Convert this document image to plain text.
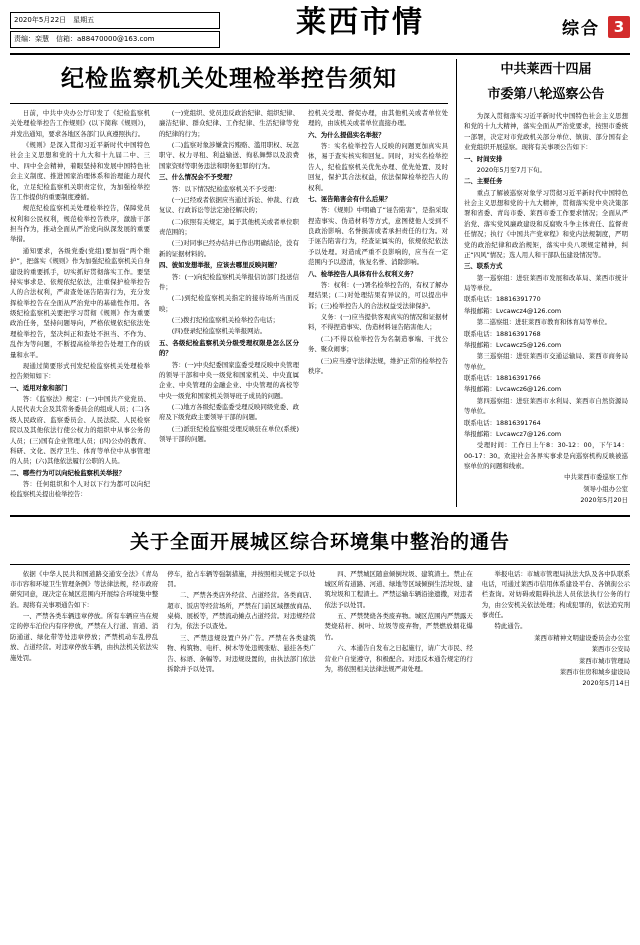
2020年5月22日　星期五
责编：栾慧　信箱：a88470000@163.com	莱西市情	综合 3
纪检监察机关处理检举控告须知

日前，中共中央办公厅印发了《纪检监察机关处理检举控告工作规则》(以下简称《规则》)，并发出通知，要求各地区各部门认真遵照执行。

《规则》是深入贯彻习近平新时代中国特色社会主义思想和党的十九大和十九届二中、三中、四中全会精神，着眼坚持和发展中国特色社会主义制度、推进国家治理体系和治理能力现代化，立足纪检监察机关职责定位，为加强检举控告工作提供的重要制度遵循。

规范纪检监察机关处理检举控告，保障党员权利和公民权利，规范检举控告秩序，激励干部担当作为，推动全面从严治党向纵深发展的重要举措。

通知要求，各级党委(党组)要加强“两个维护”，把落实《规则》作为加强纪检监察机关自身建设的重要抓手，切实抓好贯彻落实工作。要坚持实事求是、依规依纪依法，注重保护检举控告人的合法权利，严肃查处诬告陷害行为，充分发挥检举控告在全面从严治党中的基础性作用。各级纪检监察机关要把学习贯彻《规则》作为重要政治任务，坚持问题导向，严格依规依纪依法处理检举控告，坚决纠正和查处不担当、不作为、乱作为等问题，不断提高检举控告处理工作的质量和水平。

现通过简要形式刊发纪检监察机关处理检举控告须知如下：

一、适用对象和部门

答：《监察法》规定：(一)中国共产党党员、人民代表大会及其常务委员会的组成人员；(二)各级人民政府、监察委员会、人民法院、人民检察院以及其他依法行使公权力的组织中从事公务的人员；(三)国有企业管理人员；(四)公办的教育、科研、文化、医疗卫生、体育等单位中从事管理的人员；(六)其他依法履行公职的人员。

二、哪些行为可以向纪检监察机关举报？

答：任何组织和个人对以下行为都可以向纪检监察机关提出检举控告：

(一)党组织、党员违反政治纪律、组织纪律、廉洁纪律、群众纪律、工作纪律、生活纪律等党的纪律的行为；

(二)监察对象涉嫌贪污贿赂、滥用职权、玩忽职守、权力寻租、利益输送、徇私舞弊以及浪费国家资财等职务违法和职务犯罪的行为。

三、什么情况会不予受理？

答：以下情况纪检监察机关不予受理：

(一)已经或者依据应当通过诉讼、仲裁、行政复议、行政诉讼等法定途径解决的；

(二)依照有关规定，属于其他机关或者单位职责范围的；

(三)对同事已经办结并已作出明确结论，没有新的证据材料的。

四、彼如发想举报，应该去哪里反映问题？

答：(一)向纪检监察机关举报信访部门投送信件；

(二)到纪检监察机关指定的接待场所当面反映；

(三)拨打纪检监察机关检举控告电话；

(四)登录纪检监察机关举报网站。

五、各级纪检监察机关分级受理权限是怎么区分的？

答：(一)中央纪委国家监委受理反映中央管理的领导干部和中央一级党和国家机关、中央直属企业、中央管理的金融企业、中央管理的高校等中央一级党和国家机关领导班子成员的问题。

(二)地方各级纪委监委受理反映同级党委、政府及下级党政主要领导干部的问题。

(三)派驻纪检监察组受理反映驻在单位(系统)领导干部的问题。

控机关受理、督促办理，由其他机关或者单位处理的，由该机关或者单位直接办理。

六、为什么提倡实名举报？

答：实名检举控告人反映的问题更加真实具体，易于查实核实和回复。同时，对实名检举控告人，纪检监察机关优先办理、优先处置、及时回复，保护其合法权益，依法保障检举控告人的权利。

七、诬告陷害会有什么后果？

答：《规则》中明确了“诬告陷害”，是指采取捏造事实、伪造材料等方式，意图使他人受到不良政治影响、名誉损害或者承担责任的行为。对于诬告陷害行为，经查证属实的，依规依纪依法予以处理。对造成严重不良影响的，应当在一定范围内予以澄清，恢复名誉、消除影响。

八、检举控告人具体有什么权利义务？

答：权利：(一)署名检举控告的，有权了解办理结果；(二)对处理结果有异议的，可以提出申诉；(三)检举控告人的合法权益受法律保护。

义务：(一)应当提供客观真实的情况和证据材料，不得捏造事实、伪造材料诬告陷害他人；

(二)不得以检举控告为名制造事端、干扰公务、聚众闹事；

(三)应当遵守法律法规，维护正常的检举控告秩序。

中共莱西十四届
市委第八轮巡察公告

为深入贯彻落实习近平新时代中国特色社会主义思想和党的十九大精神，落实全面从严治党要求，按照市委统一部署，决定对市党政机关部分单位、镇街、部分国有企业党组织开展巡察。现将有关事项公告如下：

一、时间安排

2020年5月至7月下旬。

二、主要任务

重点了解被巡察对象学习贯彻习近平新时代中国特色社会主义思想和党的十九大精神，贯彻落实党中央决策部署和省委、青岛市委、莱西市委工作要求情况；全面从严治党、落实党风廉政建设和反腐败斗争主体责任、监督责任情况；执行《中国共产党章程》和党内法规制度，严明党的政治纪律和政治规矩，落实中央八项规定精神，纠正“四风”情况；选人用人和干部队伍建设情况等。

三、联系方式

第一巡察组：进驻莱西市发展和改革局、莱西市统计局等单位。

联系电话：18816391770

举报邮箱：Lvcawcz4@126.com

第二巡察组：进驻莱西市教育和体育局等单位。

联系电话：18816391768

举报邮箱：Lvcawcz5@126.com

第三巡察组：进驻莱西市交通运输局、莱西市商务局等单位。

联系电话：18816391766

举报邮箱：Lvcawcz6@126.com

第四巡察组：进驻莱西市水利局、莱西市自然资源局等单位。

联系电话：18816391764

举报邮箱：Lvcawcz7@126.com

受理时间：工作日上午8：30-12：00，下午14：00-17：30。欢迎社会各界实事求是向巡察机构反映被巡察单位的问题和线索。

中共莱西市委巡察工作

领导小组办公室

2020年5月20日

关于全面开展城区综合环境集中整治的通告

依据《中华人民共和国道路交通安全法》《青岛市市容和环境卫生管理条例》等法律法规，经市政府研究同意，现决定在城区范围内开展综合环境集中整治。现将有关事项通告如下：

一、严禁各类车辆违章停放。所有车辆应当在规定的停车泊位内有序停放，严禁在人行道、盲道、消防通道、绿化带等处违章停放；严禁机动车乱停乱放、占道经营。对违章停放车辆，由执法机关依法实施处罚。

停车，抢占车辆等强制措施，并按照相关规定予以处罚。

二、严禁各类店外经营、占道经营。各类商店、超市、饭店等经营场所，严禁在门前区域摆放商品、桌椅、展板等，严禁流动摊点占道经营。对违规经营行为，依法予以查处。

三、严禁违规设置户外广告。严禁在各类建筑物、构筑物、电杆、树木等处违规张贴、悬挂各类广告、标语、条幅等。对违规设置的，由执法部门依法拆除并予以处罚。

四、严禁城区随意倾倒垃圾、建筑渣土。禁止在城区所有道路、河道、绿地等区域倾倒生活垃圾、建筑垃圾和工程渣土。严禁运输车辆沿途遗撒，对违者依法予以处罚。

五、严禁焚烧各类废弃物。城区范围内严禁露天焚烧秸秆、树叶、垃圾等废弃物，严禁燃放烟花爆竹。

六、本通告自发布之日起施行，请广大市民、经营业户自觉遵守，积极配合。对违反本通告规定的行为，将依照相关法律法规严肃处理。

举报电话：市城市管理局执法大队及各中队联系电话，可通过莱西市信用体系建设平台、各镇街公示栏查询。对妨碍或阻碍执法人员依法执行公务的行为，由公安机关依法处理；构成犯罪的，依法追究刑事责任。

特此通告。

莱西市精神文明建设委员会办公室

莱西市公安局

莱西市城市管理局

莱西市住房和城乡建设局

2020年5月14日
